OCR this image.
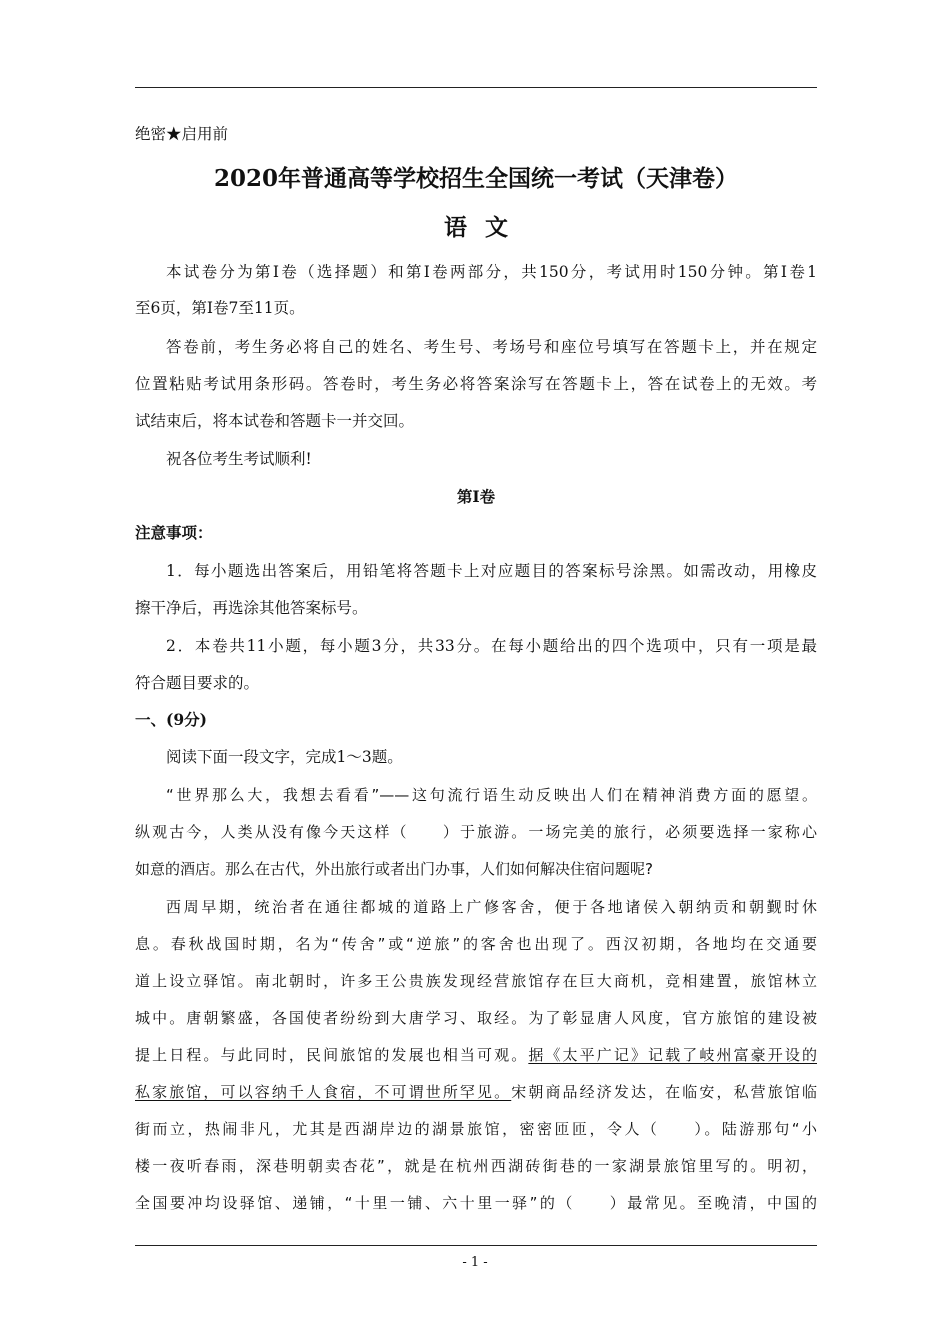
绝密★启用前
2020年普通高等学校招生全国统一考试（天津卷）
语文
本试卷分为第I卷（选择题）和第I卷两部分，共150分，考试用时150分钟。第I卷1
至6页，第I卷7至11页。
答卷前，考生务必将自己的姓名、考生号、考场号和座位号填写在答题卡上，并在规定
位置粘贴考试用条形码。答卷时，考生务必将答案涂写在答题卡上，答在试卷上的无效。考
试结束后，将本试卷和答题卡一并交回。
祝各位考生考试顺利!
第I卷
注意事项：
1．每小题选出答案后，用铅笔将答题卡上对应题目的答案标号涂黑。如需改动，用橡皮
擦干净后，再选涂其他答案标号。
2．本卷共11小题，每小题3分，共33分。在每小题给出的四个选项中，只有一项是最
符合题目要求的。
一、(9分)
阅读下面一段文字，完成1～3题。
“世界那么大，我想去看看”——这句流行语生动反映出人们在精神消费方面的愿望。
纵观古今，人类从没有像今天这样（　　）于旅游。一场完美的旅行，必须要选择一家称心
如意的酒店。那么在古代，外出旅行或者出门办事，人们如何解决住宿问题呢?
西周早期，统治者在通往都城的道路上广修客舍，便于各地诸侯入朝纳贡和朝觐时休
息。春秋战国时期，名为“传舍”或“逆旅”的客舍也出现了。西汉初期，各地均在交通要
道上设立驿馆。南北朝时，许多王公贵族发现经营旅馆存在巨大商机，竞相建置，旅馆林立
城中。唐朝繁盛，各国使者纷纷到大唐学习、取经。为了彰显唐人风度，官方旅馆的建设被
提上日程。与此同时，民间旅馆的发展也相当可观。据《太平广记》记载了岐州富豪开设的
私家旅馆，可以容纳千人食宿，不可谓世所罕见。宋朝商品经济发达，在临安，私营旅馆临
街而立，热闹非凡，尤其是西湖岸边的湖景旅馆，密密匝匝，令人（　　）。陆游那句“小
楼一夜听春雨，深巷明朝卖杏花”，就是在杭州西湖砖街巷的一家湖景旅馆里写的。明初，
全国要冲均设驿馆、递铺，“十里一铺、六十里一驿”的（　　）最常见。至晚清，中国的
- 1 -
